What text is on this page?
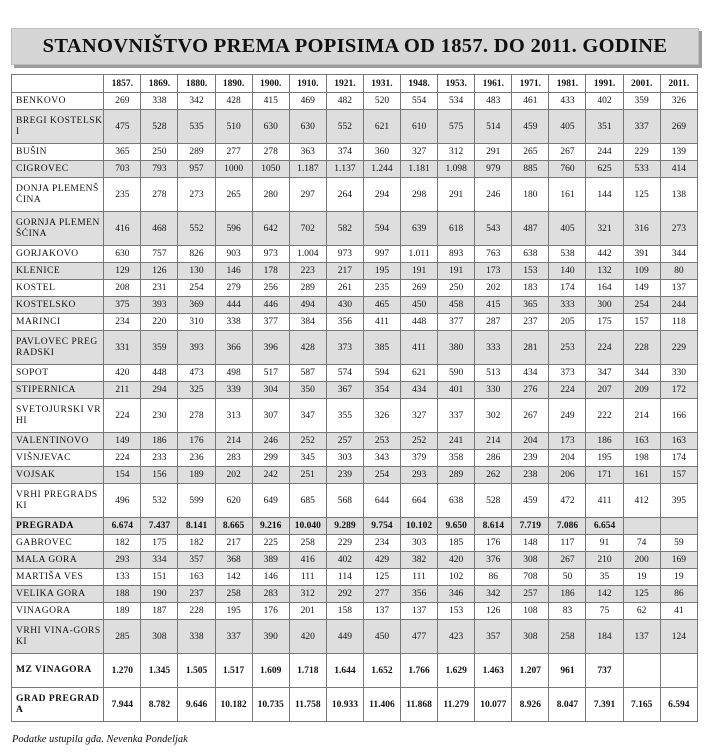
STANOVNIŠTVO PREMA POPISIMA OD 1857. DO 2011. GODINE
	1857.	1869.	1880.	1890.	1900.	1910.	1921.	1931.	1948.	1953.	1961.	1971.	1981.	1991.	2001.	2011.
BENKOVO	269	338	342	428	415	469	482	520	554	534	483	461	433	402	359	326
BREGI KOSTELSKI	475	528	535	510	630	630	552	621	610	575	514	459	405	351	337	269
BUŠIN	365	250	289	277	278	363	374	360	327	312	291	265	267	244	229	139
CIGROVEC	703	793	957	1000	1050	1.187	1.137	1.244	1.181	1.098	979	885	760	625	533	414
DONJA PLEMENŠĆINA	235	278	273	265	280	297	264	294	298	291	246	180	161	144	125	138
GORNJA PLEMENŠĆINA	416	468	552	596	642	702	582	594	639	618	543	487	405	321	316	273
GORJAKOVO	630	757	826	903	973	1.004	973	997	1.011	893	763	638	538	442	391	344
KLENICE	129	126	130	146	178	223	217	195	191	191	173	153	140	132	109	80
KOSTEL	208	231	254	279	256	289	261	235	269	250	202	183	174	164	149	137
KOSTELSKO	375	393	369	444	446	494	430	465	450	458	415	365	333	300	254	244
MARINCI	234	220	310	338	377	384	356	411	448	377	287	237	205	175	157	118
PAVLOVEC PREGRADSKI	331	359	393	366	396	428	373	385	411	380	333	281	253	224	228	229
SOPOT	420	448	473	498	517	587	574	594	621	590	513	434	373	347	344	330
STIPERNICA	211	294	325	339	304	350	367	354	434	401	330	276	224	207	209	172
SVETOJURSKI VRHI	224	230	278	313	307	347	355	326	327	337	302	267	249	222	214	166
VALENTINOVO	149	186	176	214	246	252	257	253	252	241	214	204	173	186	163	163
VIŠNJEVAC	224	233	236	283	299	345	303	343	379	358	286	239	204	195	198	174
VOJSAK	154	156	189	202	242	251	239	254	293	289	262	238	206	171	161	157
VRHI PREGRADSKI	496	532	599	620	649	685	568	644	664	638	528	459	472	411	412	395
PREGRADA	6.674	7.437	8.141	8.665	9.216	10.040	9.289	9.754	10.102	9.650	8.614	7.719	7.086	6.654		
GABROVEC	182	175	182	217	225	258	229	234	303	185	176	148	117	91	74	59
MALA GORA	293	334	357	368	389	416	402	429	382	420	376	308	267	210	200	169
MARTIŠA VES	133	151	163	142	146	111	114	125	111	102	86	708	50	35	19	19
VELIKA GORA	188	190	237	258	283	312	292	277	356	346	342	257	186	142	125	86
VINAGORA	189	187	228	195	176	201	158	137	137	153	126	108	83	75	62	41
VRHI VINA-GORSKI	285	308	338	337	390	420	449	450	477	423	357	308	258	184	137	124
MZ VINAGORA	1.270	1.345	1.505	1.517	1.609	1.718	1.644	1.652	1.766	1.629	1.463	1.207	961	737		
GRAD PREGRADA	7.944	8.782	9.646	10.182	10.735	11.758	10.933	11.406	11.868	11.279	10.077	8.926	8.047	7.391	7.165	6.594
Podatke ustupila gđa. Nevenka Pondeljak
